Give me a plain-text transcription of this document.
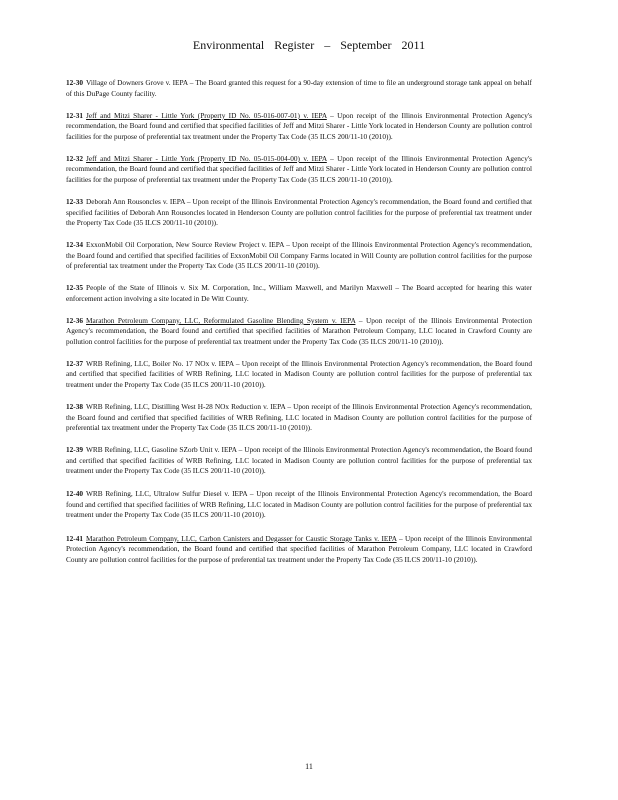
Environmental Register – September 2011

12-30 Village of Downers Grove v. IEPA – The Board granted this request for a 90-day extension of time to file an underground storage tank appeal on behalf of this DuPage County facility.

12-31 Jeff and Mitzi Sharer - Little York (Property ID No. 05-016-007-01) v. IEPA – Upon receipt of the Illinois Environmental Protection Agency's recommendation, the Board found and certified that specified facilities of Jeff and Mitzi Sharer - Little York located in Henderson County are pollution control facilities for the purpose of preferential tax treatment under the Property Tax Code (35 ILCS 200/11-10 (2010)).

12-32 Jeff and Mitzi Sharer - Little York (Property ID No. 05-015-004-00) v. IEPA – Upon receipt of the Illinois Environmental Protection Agency's recommendation, the Board found and certified that specified facilities of Jeff and Mitzi Sharer - Little York located in Henderson County are pollution control facilities for the purpose of preferential tax treatment under the Property Tax Code (35 ILCS 200/11-10 (2010)).

12-33 Deborah Ann Rousoncles v. IEPA – Upon receipt of the Illinois Environmental Protection Agency's recommendation, the Board found and certified that specified facilities of Deborah Ann Rousoncles located in Henderson County are pollution control facilities for the purpose of preferential tax treatment under the Property Tax Code (35 ILCS 200/11-10 (2010)).

12-34 ExxonMobil Oil Corporation, New Source Review Project v. IEPA – Upon receipt of the Illinois Environmental Protection Agency's recommendation, the Board found and certified that specified facilities of ExxonMobil Oil Company Farms located in Will County are pollution control facilities for the purpose of preferential tax treatment under the Property Tax Code (35 ILCS 200/11-10 (2010)).

12-35 People of the State of Illinois v. Six M. Corporation, Inc., William Maxwell, and Marilyn Maxwell – The Board accepted for hearing this water enforcement action involving a site located in De Witt County.

12-36 Marathon Petroleum Company, LLC, Reformulated Gasoline Blending System v. IEPA – Upon receipt of the Illinois Environmental Protection Agency's recommendation, the Board found and certified that specified facilities of Marathon Petroleum Company, LLC located in Crawford County are pollution control facilities for the purpose of preferential tax treatment under the Property Tax Code (35 ILCS 200/11-10 (2010)).

12-37 WRB Refining, LLC, Boiler No. 17 NOx v. IEPA – Upon receipt of the Illinois Environmental Protection Agency's recommendation, the Board found and certified that specified facilities of WRB Refining, LLC located in Madison County are pollution control facilities for the purpose of preferential tax treatment under the Property Tax Code (35 ILCS 200/11-10 (2010)).

12-38 WRB Refining, LLC, Distilling West H-28 NOx Reduction v. IEPA – Upon receipt of the Illinois Environmental Protection Agency's recommendation, the Board found and certified that specified facilities of WRB Refining, LLC located in Madison County are pollution control facilities for the purpose of preferential tax treatment under the Property Tax Code (35 ILCS 200/11-10 (2010)).

12-39 WRB Refining, LLC, Gasoline SZorb Unit v. IEPA – Upon receipt of the Illinois Environmental Protection Agency's recommendation, the Board found and certified that specified facilities of WRB Refining, LLC located in Madison County are pollution control facilities for the purpose of preferential tax treatment under the Property Tax Code (35 ILCS 200/11-10 (2010)).

12-40 WRB Refining, LLC, Ultralow Sulfur Diesel v. IEPA – Upon receipt of the Illinois Environmental Protection Agency's recommendation, the Board found and certified that specified facilities of WRB Refining, LLC located in Madison County are pollution control facilities for the purpose of preferential tax treatment under the Property Tax Code (35 ILCS 200/11-10 (2010)).

12-41 Marathon Petroleum Company, LLC, Carbon Canisters and Degasser for Caustic Storage Tanks v. IEPA – Upon receipt of the Illinois Environmental Protection Agency's recommendation, the Board found and certified that specified facilities of Marathon Petroleum Company, LLC located in Crawford County are pollution control facilities for the purpose of preferential tax treatment under the Property Tax Code (35 ILCS 200/11-10 (2010)).

11
